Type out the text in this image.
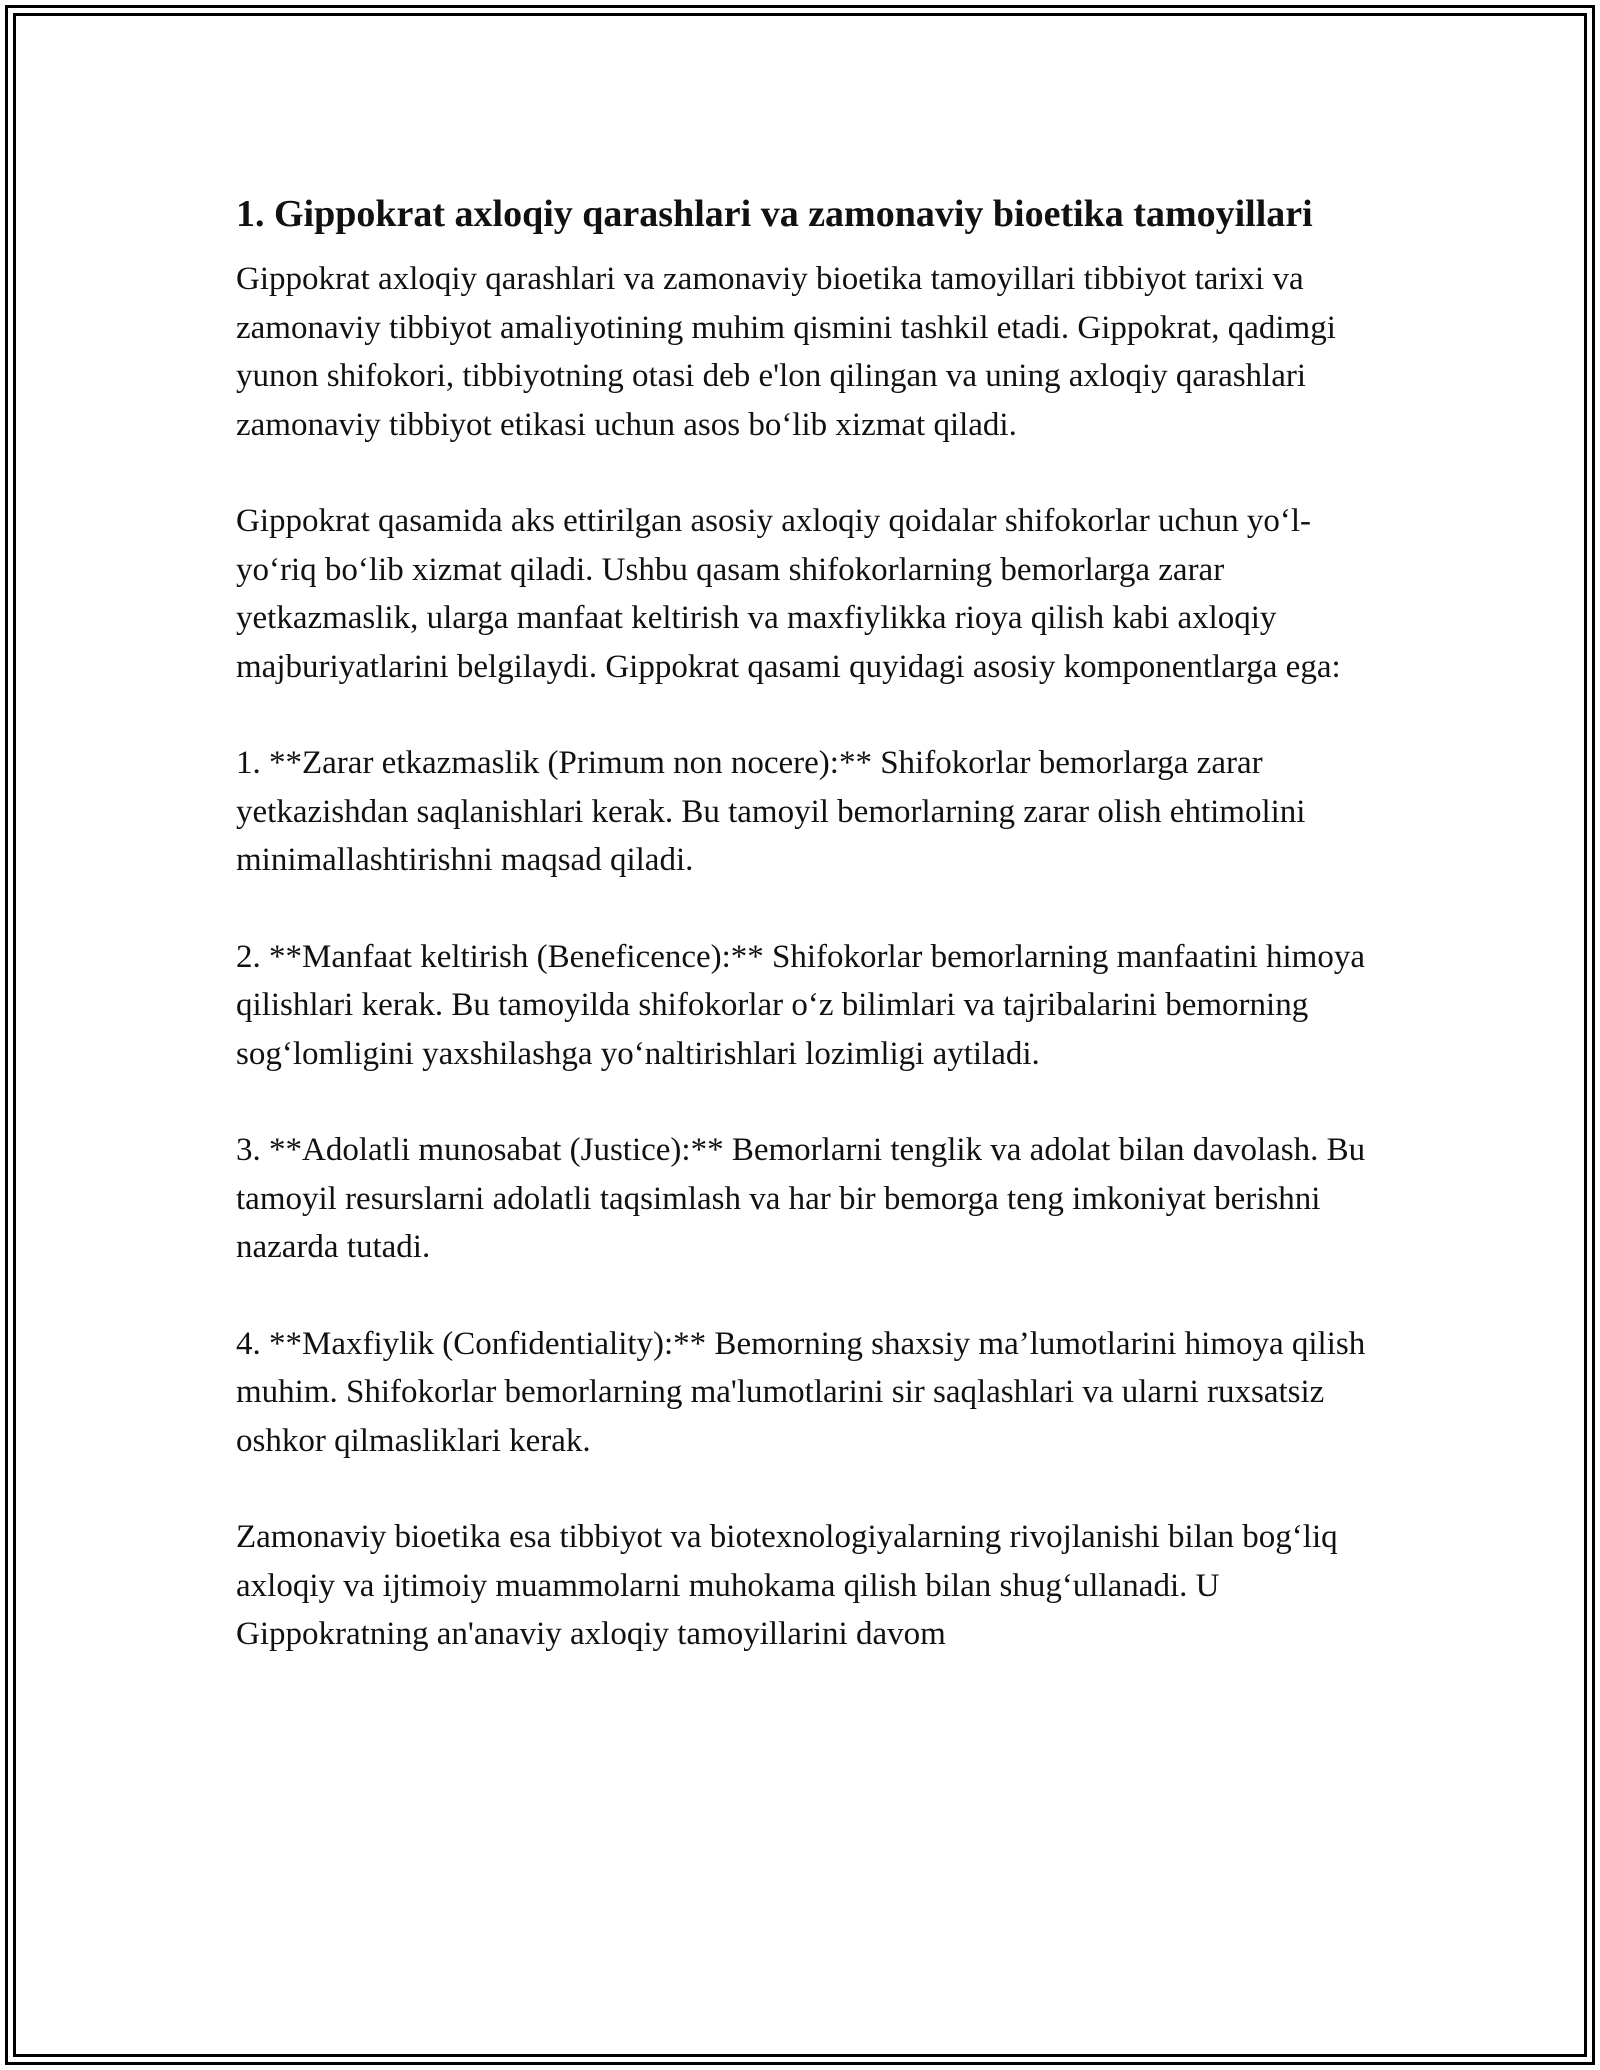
1. Gippokrat axloqiy qarashlari va zamonaviy bioetika tamoyillari

Gippokrat axloqiy qarashlari va zamonaviy bioetika tamoyillari tibbiyot tarixi va zamonaviy tibbiyot amaliyotining muhim qismini tashkil etadi. Gippokrat, qadimgi yunon shifokori, tibbiyotning otasi deb e'lon qilingan va uning axloqiy qarashlari zamonaviy tibbiyot etikasi uchun asos bo‘lib xizmat qiladi.

Gippokrat qasamida aks ettirilgan asosiy axloqiy qoidalar shifokorlar uchun yo‘l-yo‘riq bo‘lib xizmat qiladi. Ushbu qasam shifokorlarning bemorlarga zarar yetkazmaslik, ularga manfaat keltirish va maxfiylikka rioya qilish kabi axloqiy majburiyatlarini belgilaydi. Gippokrat qasami quyidagi asosiy komponentlarga ega:

1. **Zarar etkazmaslik (Primum non nocere):** Shifokorlar bemorlarga zarar yetkazishdan saqlanishlari kerak. Bu tamoyil bemorlarning zarar olish ehtimolini minimallashtirishni maqsad qiladi.

2. **Manfaat keltirish (Beneficence):** Shifokorlar bemorlarning manfaatini himoya qilishlari kerak. Bu tamoyilda shifokorlar o‘z bilimlari va tajribalarini bemorning sog‘lomligini yaxshilashga yo‘naltirishlari lozimligi aytiladi.

3. **Adolatli munosabat (Justice):** Bemorlarni tenglik va adolat bilan davolash. Bu tamoyil resurslarni adolatli taqsimlash va har bir bemorga teng imkoniyat berishni nazarda tutadi.

4. **Maxfiylik (Confidentiality):** Bemorning shaxsiy ma’lumotlarini himoya qilish muhim. Shifokorlar bemorlarning ma'lumotlarini sir saqlashlari va ularni ruxsatsiz oshkor qilmasliklari kerak.

Zamonaviy bioetika esa tibbiyot va biotexnologiyalarning rivojlanishi bilan bog‘liq axloqiy va ijtimoiy muammolarni muhokama qilish bilan shug‘ullanadi. U Gippokratning an'anaviy axloqiy tamoyillarini davom
